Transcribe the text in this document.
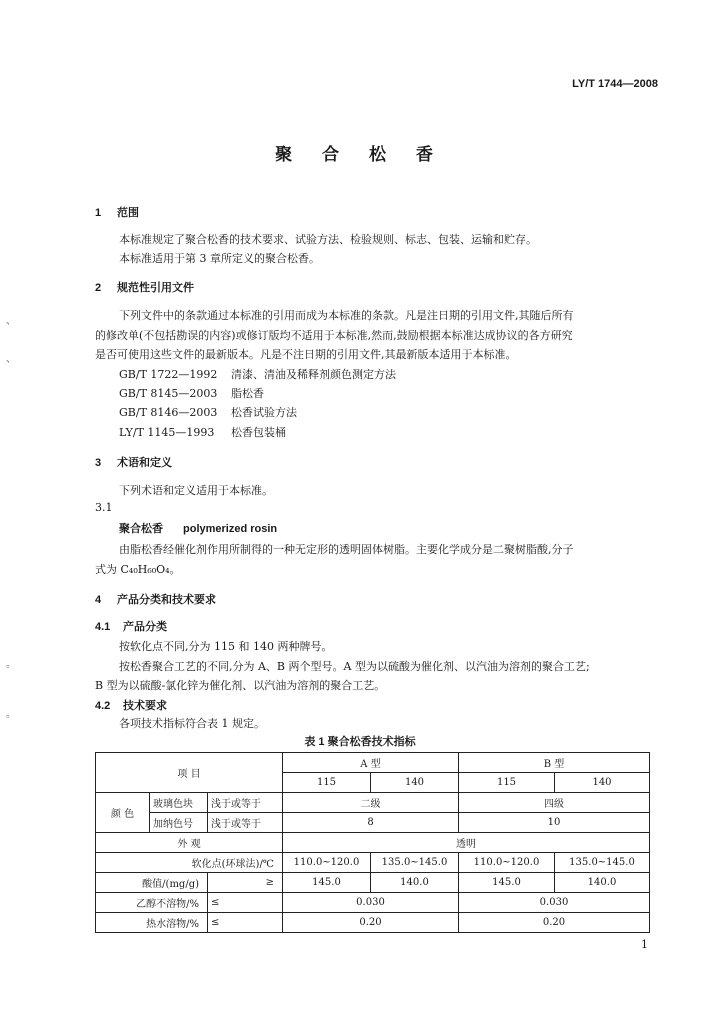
LY/T 1744—2008
聚 合 松 香
1 范围
本标准规定了聚合松香的技术要求、试验方法、检验规则、标志、包装、运输和贮存。
本标准适用于第 3 章所定义的聚合松香。
2 规范性引用文件
下列文件中的条款通过本标准的引用而成为本标准的条款。凡是注日期的引用文件,其随后所有
的修改单(不包括勘误的内容)或修订版均不适用于本标准,然而,鼓励根据本标准达成协议的各方研究
是否可使用这些文件的最新版本。凡是不注日期的引用文件,其最新版本适用于本标准。
GB/T 1722—1992 清漆、清油及稀释剂颜色测定方法
GB/T 8145—2003 脂松香
GB/T 8146—2003 松香试验方法
LY/T 1145—1993 松香包装桶
3 术语和定义
下列术语和定义适用于本标准。
3.1
聚合松香 polymerized rosin
由脂松香经催化剂作用所制得的一种无定形的透明固体树脂。主要化学成分是二聚树脂酸,分子
式为 C₄₀H₆₀O₄。
4 产品分类和技术要求
4.1 产品分类
按软化点不同,分为 115 和 140 两种牌号。
按松香聚合工艺的不同,分为 A、B 两个型号。A 型为以硫酸为催化剂、以汽油为溶剂的聚合工艺;
B 型为以硫酸-氯化锌为催化剂、以汽油为溶剂的聚合工艺。
4.2 技术要求
各项技术指标符合表 1 规定。
表 1 聚合松香技术指标
项 目			A 型		B 型	
			115	140	115	140
颜 色	玻璃色块	浅于或等于	二级		四级	
	加纳色号	浅于或等于	8		10	
外 观			透明			
软化点(环球法)/℃			110.0~120.0	135.0~145.0	110.0~120.0	135.0~145.0
酸值/(mg/g)		≥	145.0	140.0	145.0	140.0
乙醇不溶物/%		≤	0.030		0.030	
热水溶物/%		≤	0.20		0.20	
1
、
、
。
。
